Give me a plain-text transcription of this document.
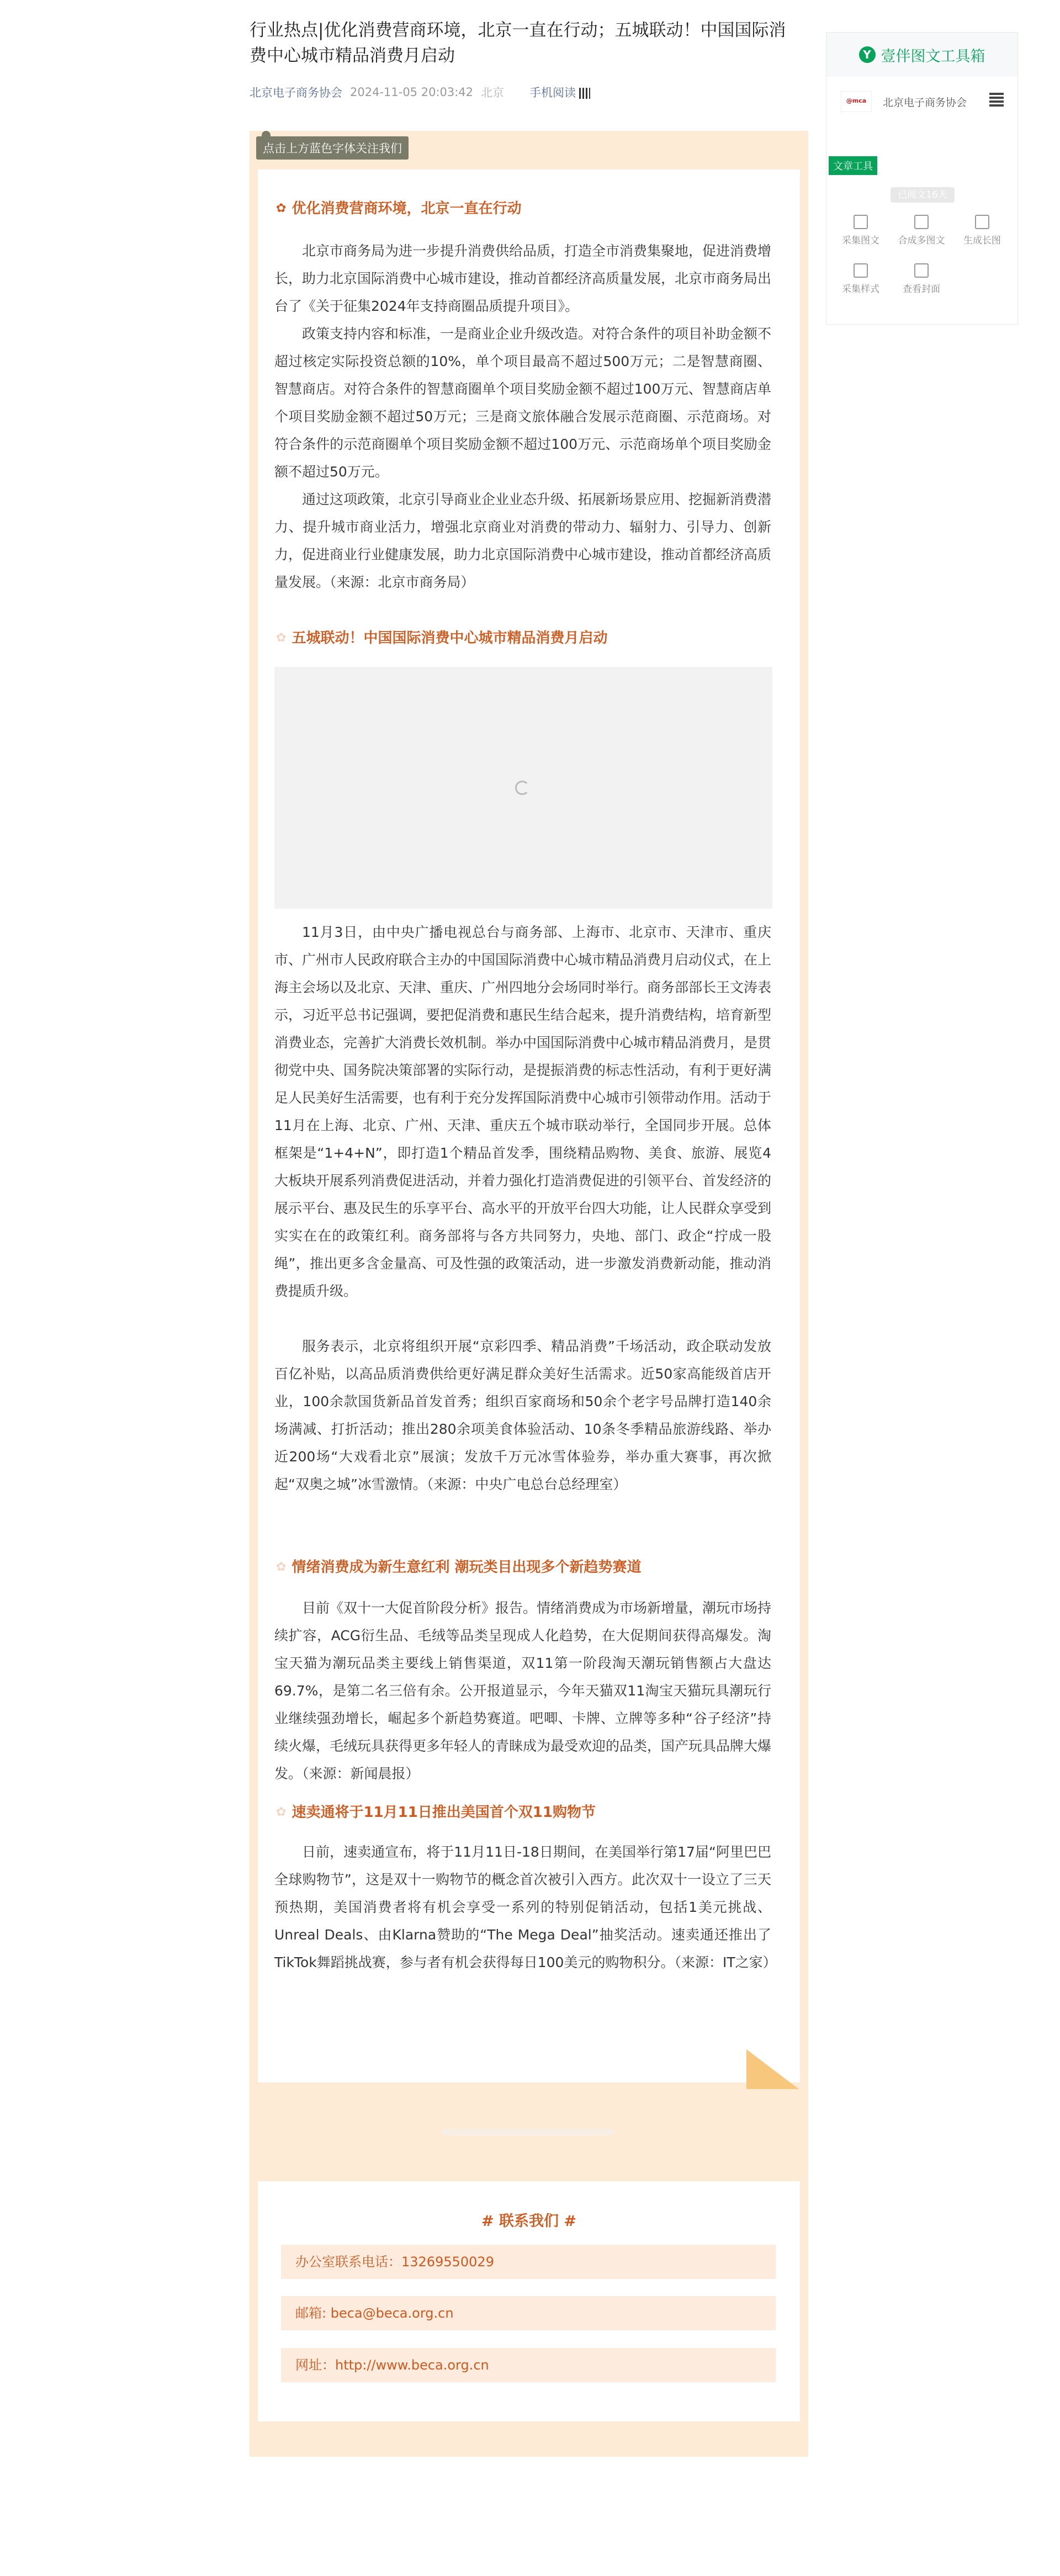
行业热点|优化消费营商环境，北京一直在行动；五城联动！中国国际消费中心城市精品消费月启动
北京电子商务协会 2024-11-05 20:03:42 北京 手机阅读
点击上方蓝色字体关注我们
✿ 优化消费营商环境，北京一直在行动

北京市商务局为进一步提升消费供给品质，打造全市消费集聚地，促进消费增长，助力北京国际消费中心城市建设，推动首都经济高质量发展，北京市商务局出台了《关于征集2024年支持商圈品质提升项目》。

政策支持内容和标准，一是商业企业升级改造。对符合条件的项目补助金额不超过核定实际投资总额的10%，单个项目最高不超过500万元；二是智慧商圈、智慧商店。对符合条件的智慧商圈单个项目奖励金额不超过100万元、智慧商店单个项目奖励金额不超过50万元；三是商文旅体融合发展示范商圈、示范商场。对符合条件的示范商圈单个项目奖励金额不超过100万元、示范商场单个项目奖励金额不超过50万元。

通过这项政策，北京引导商业企业业态升级、拓展新场景应用、挖掘新消费潜力、提升城市商业活力，增强北京商业对消费的带动力、辐射力、引导力、创新力，促进商业行业健康发展，助力北京国际消费中心城市建设，推动首都经济高质量发展。（来源：北京市商务局）

✿ 五城联动！中国国际消费中心城市精品消费月启动

11月3日，由中央广播电视总台与商务部、上海市、北京市、天津市、重庆市、广州市人民政府联合主办的中国国际消费中心城市精品消费月启动仪式，在上海主会场以及北京、天津、重庆、广州四地分会场同时举行。商务部部长王文涛表示，习近平总书记强调，要把促消费和惠民生结合起来，提升消费结构，培育新型消费业态，完善扩大消费长效机制。举办中国国际消费中心城市精品消费月，是贯彻党中央、国务院决策部署的实际行动，是提振消费的标志性活动，有利于更好满足人民美好生活需要，也有利于充分发挥国际消费中心城市引领带动作用。活动于11月在上海、北京、广州、天津、重庆五个城市联动举行，全国同步开展。总体框架是“1+4+N”，即打造1个精品首发季，围绕精品购物、美食、旅游、展览4大板块开展系列消费促进活动，并着力强化打造消费促进的引领平台、首发经济的展示平台、惠及民生的乐享平台、高水平的开放平台四大功能，让人民群众享受到实实在在的政策红利。商务部将与各方共同努力，央地、部门、政企“拧成一股绳”，推出更多含金量高、可及性强的政策活动，进一步激发消费新动能，推动消费提质升级。

服务表示，北京将组织开展“京彩四季、精品消费”千场活动，政企联动发放百亿补贴，以高品质消费供给更好满足群众美好生活需求。近50家高能级首店开业，100余款国货新品首发首秀；组织百家商场和50余个老字号品牌打造140余场满减、打折活动；推出280余项美食体验活动、10条冬季精品旅游线路、举办近200场“大戏看北京”展演；发放千万元冰雪体验券，举办重大赛事，再次掀起“双奥之城”冰雪激情。（来源：中央广电总台总经理室）

✿ 情绪消费成为新生意红利 潮玩类目出现多个新趋势赛道

目前《双十一大促首阶段分析》报告。情绪消费成为市场新增量，潮玩市场持续扩容，ACG衍生品、毛绒等品类呈现成人化趋势，在大促期间获得高爆发。淘宝天猫为潮玩品类主要线上销售渠道，双11第一阶段淘天潮玩销售额占大盘达69.7%，是第二名三倍有余。公开报道显示，今年天猫双11淘宝天猫玩具潮玩行业继续强劲增长，崛起多个新趋势赛道。吧唧、卡牌、立牌等多种“谷子经济”持续火爆，毛绒玩具获得更多年轻人的青睐成为最受欢迎的品类，国产玩具品牌大爆发。（来源：新闻晨报）

✿ 速卖通将于11月11日推出美国首个双11购物节

日前，速卖通宣布，将于11月11日-18日期间，在美国举行第17届“阿里巴巴全球购物节”，这是双十一购物节的概念首次被引入西方。此次双十一设立了三天预热期，美国消费者将有机会享受一系列的特别促销活动，包括1美元挑战、Unreal Deals、由Klarna赞助的“The Mega Deal”抽奖活动。速卖通还推出了TikTok舞蹈挑战赛，参与者有机会获得每日100美元的购物积分。（来源：IT之家）

# 联系我们 #
办公室联系电话：13269550029
邮箱: beca@beca.org.cn
网址：http://www.beca.org.cn
Y 壹伴图文工具箱
@mca	北京电子商务协会
文章工具
已阅文16天
采集图文	合成多图文	生成长图
采集样式	查看封面
